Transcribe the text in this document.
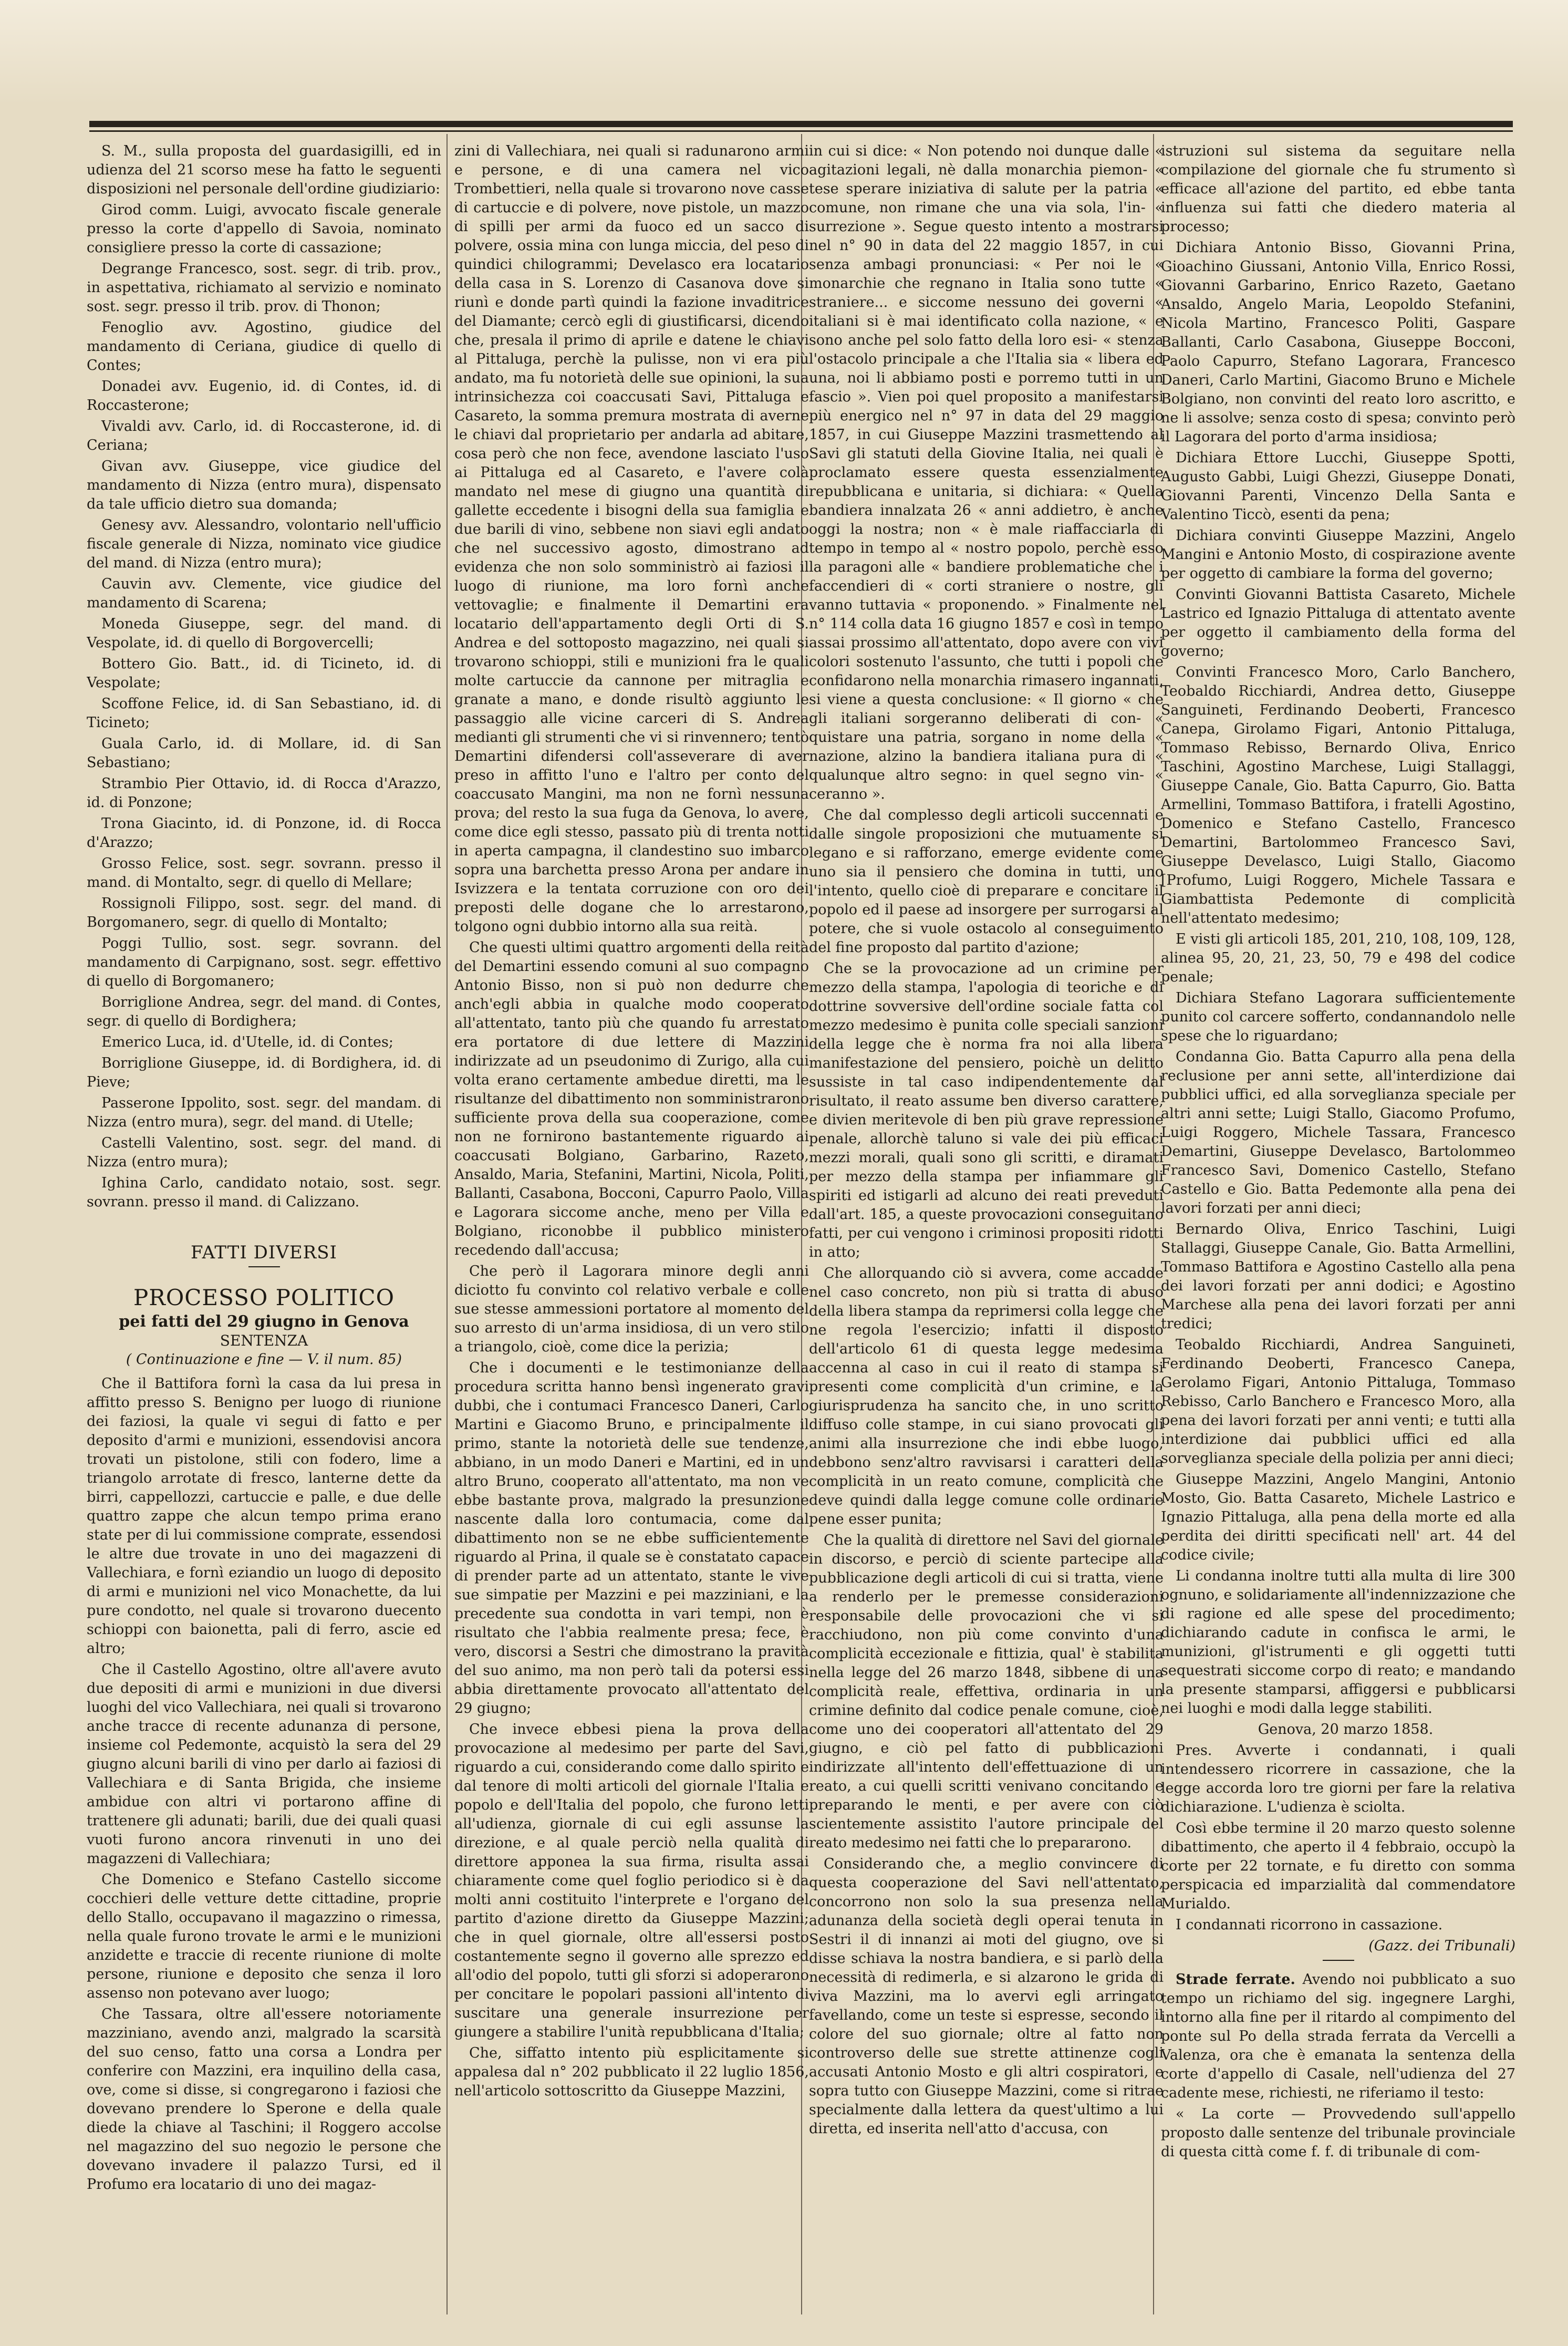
S. M., sulla proposta del guardasigilli, ed in udienza del 21 scorso mese ha fatto le seguenti disposizioni nel personale dell'ordine giudiziario:

Girod comm. Luigi, avvocato fiscale generale presso la corte d'appello di Savoia, nominato consigliere presso la corte di cassazione;

Degrange Francesco, sost. segr. di trib. prov., in aspettativa, richiamato al servizio e nominato sost. segr. presso il trib. prov. di Thonon;

Fenoglio avv. Agostino, giudice del mandamento di Ceriana, giudice di quello di Contes;

Donadei avv. Eugenio, id. di Contes, id. di Roccasterone;

Vivaldi avv. Carlo, id. di Roccasterone, id. di Ceriana;

Givan avv. Giuseppe, vice giudice del mandamento di Nizza (entro mura), dispensato da tale ufficio dietro sua domanda;

Genesy avv. Alessandro, volontario nell'ufficio fiscale generale di Nizza, nominato vice giudice del mand. di Nizza (entro mura);

Cauvin avv. Clemente, vice giudice del mandamento di Scarena;

Moneda Giuseppe, segr. del mand. di Vespolate, id. di quello di Borgovercelli;

Bottero Gio. Batt., id. di Ticineto, id. di Vespolate;

Scoffone Felice, id. di San Sebastiano, id. di Ticineto;

Guala Carlo, id. di Mollare, id. di San Sebastiano;

Strambio Pier Ottavio, id. di Rocca d'Arazzo, id. di Ponzone;

Trona Giacinto, id. di Ponzone, id. di Rocca d'Arazzo;

Grosso Felice, sost. segr. sovrann. presso il mand. di Montalto, segr. di quello di Mellare;

Rossignoli Filippo, sost. segr. del mand. di Borgomanero, segr. di quello di Montalto;

Poggi Tullio, sost. segr. sovrann. del mandamento di Carpignano, sost. segr. effettivo di quello di Borgomanero;

Borriglione Andrea, segr. del mand. di Contes, segr. di quello di Bordighera;

Emerico Luca, id. d'Utelle, id. di Contes;

Borriglione Giuseppe, id. di Bordighera, id. di Pieve;

Passerone Ippolito, sost. segr. del mandam. di Nizza (entro mura), segr. del mand. di Utelle;

Castelli Valentino, sost. segr. del mand. di Nizza (entro mura);

Ighina Carlo, candidato notaio, sost. segr. sovrann. presso il mand. di Calizzano.

FATTI DIVERSI

PROCESSO POLITICO

pei fatti del 29 giugno in Genova

SENTENZA

( Continuazione e fine — V. il num. 85)

Che il Battifora fornì la casa da lui presa in affitto presso S. Benigno per luogo di riunione dei faziosi, la quale vi segui di fatto e per deposito d'armi e munizioni, essendovisi ancora trovati un pistolone, stili con fodero, lime a triangolo arrotate di fresco, lanterne dette da birri, cappellozzi, cartuccie e palle, e due delle quattro zappe che alcun tempo prima erano state per di lui commissione comprate, essendosi le altre due trovate in uno dei magazzeni di Vallechiara, e fornì eziandio un luogo di deposito di armi e munizioni nel vico Monachette, da lui pure condotto, nel quale si trovarono duecento schioppi con baionetta, pali di ferro, ascie ed altro;

Che il Castello Agostino, oltre all'avere avuto due depositi di armi e munizioni in due diversi luoghi del vico Vallechiara, nei quali si trovarono anche tracce di recente adunanza di persone, insieme col Pedemonte, acquistò la sera del 29 giugno alcuni barili di vino per darlo ai faziosi di Vallechiara e di Santa Brigida, che insieme ambidue con altri vi portarono affine di trattenere gli adunati; barili, due dei quali quasi vuoti furono ancora rinvenuti in uno dei magazzeni di Vallechiara;

Che Domenico e Stefano Castello siccome cocchieri delle vetture dette cittadine, proprie dello Stallo, occupavano il magazzino o rimessa, nella quale furono trovate le armi e le munizioni anzidette e traccie di recente riunione di molte persone, riunione e deposito che senza il loro assenso non potevano aver luogo;

Che Tassara, oltre all'essere notoriamente mazziniano, avendo anzi, malgrado la scarsità del suo censo, fatto una corsa a Londra per conferire con Mazzini, era inquilino della casa, ove, come si disse, si congregarono i faziosi che dovevano prendere lo Sperone e della quale diede la chiave al Taschini; il Roggero accolse nel magazzino del suo negozio le persone che dovevano invadere il palazzo Tursi, ed il Profumo era locatario di uno dei magaz-

zini di Vallechiara, nei quali si radunarono armi e persone, e di una camera nel vico Trombettieri, nella quale si trovarono nove casse di cartuccie e di polvere, nove pistole, un mazzo di spilli per armi da fuoco ed un sacco di polvere, ossia mina con lunga miccia, del peso di quindici chilogrammi; Develasco era locatario della casa in S. Lorenzo di Casanova dove si riunì e donde partì quindi la fazione invaditrice del Diamante; cercò egli di giustificarsi, dicendo che, presala il primo di aprile e datene le chiavi al Pittaluga, perchè la pulisse, non vi era più andato, ma fu notorietà delle sue opinioni, la sua intrinsichezza coi coaccusati Savi, Pittaluga e Casareto, la somma premura mostrata di averne le chiavi dal proprietario per andarla ad abitare, cosa però che non fece, avendone lasciato l'uso ai Pittaluga ed al Casareto, e l'avere colà mandato nel mese di giugno una quantità di gallette eccedente i bisogni della sua famiglia e due barili di vino, sebbene non siavi egli andato che nel successivo agosto, dimostrano ad evidenza che non solo somministrò ai faziosi il luogo di riunione, ma loro fornì anche vettovaglie; e finalmente il Demartini era locatario dell'appartamento degli Orti di S. Andrea e del sottoposto magazzino, nei quali si trovarono schioppi, stili e munizioni fra le quali molte cartuccie da cannone per mitraglia e granate a mano, e donde risultò aggiunto le passaggio alle vicine carceri di S. Andrea medianti gli strumenti che vi si rinvennero; tentò Demartini difendersi coll'asseverare di aver preso in affitto l'uno e l'altro per conto del coaccusato Mangini, ma non ne fornì nessuna prova; del resto la sua fuga da Genova, lo avere, come dice egli stesso, passato più di trenta notti in aperta campagna, il clandestino suo imbarco sopra una barchetta presso Arona per andare in Isvizzera e la tentata corruzione con oro dei preposti delle dogane che lo arrestarono, tolgono ogni dubbio intorno alla sua reità.

Che questi ultimi quattro argomenti della reità del Demartini essendo comuni al suo compagno Antonio Bisso, non si può non dedurre che anch'egli abbia in qualche modo cooperato all'attentato, tanto più che quando fu arrestato era portatore di due lettere di Mazzini indirizzate ad un pseudonimo di Zurigo, alla cui volta erano certamente ambedue diretti, ma le risultanze del dibattimento non somministrarono sufficiente prova della sua cooperazione, come non ne fornirono bastantemente riguardo ai coaccusati Bolgiano, Garbarino, Razeto, Ansaldo, Maria, Stefanini, Martini, Nicola, Politi, Ballanti, Casabona, Bocconi, Capurro Paolo, Villa e Lagorara siccome anche, meno per Villa e Bolgiano, riconobbe il pubblico ministero recedendo dall'accusa;

Che però il Lagorara minore degli anni diciotto fu convinto col relativo verbale e colle sue stesse ammessioni portatore al momento del suo arresto di un'arma insidiosa, di un vero stilo a triangolo, cioè, come dice la perizia;

Che i documenti e le testimonianze della procedura scritta hanno bensì ingenerato gravi dubbi, che i contumaci Francesco Daneri, Carlo Martini e Giacomo Bruno, e principalmente il primo, stante la notorietà delle sue tendenze, abbiano, in un modo Daneri e Martini, ed in un altro Bruno, cooperato all'attentato, ma non ve ebbe bastante prova, malgrado la presunzione nascente dalla loro contumacia, come dal dibattimento non se ne ebbe sufficientemente riguardo al Prina, il quale se è constatato capace di prender parte ad un attentato, stante le vive sue simpatie per Mazzini e pei mazziniani, e la precedente sua condotta in vari tempi, non è risultato che l'abbia realmente presa; fece, è vero, discorsi a Sestri che dimostrano la pravità del suo animo, ma non però tali da potersi essi abbia direttamente provocato all'attentato del 29 giugno;

Che invece ebbesi piena la prova della provocazione al medesimo per parte del Savi, riguardo a cui, considerando come dallo spirito e dal tenore di molti articoli del giornale l'Italia e popolo e dell'Italia del popolo, che furono letti all'udienza, giornale di cui egli assunse la direzione, e al quale perciò nella qualità di direttore apponea la sua firma, risulta assai chiaramente come quel foglio periodico si è da molti anni costituito l'interprete e l'organo del partito d'azione diretto da Giuseppe Mazzini; che in quel giornale, oltre all'essersi posto costantemente segno il governo alle sprezzo ed all'odio del popolo, tutti gli sforzi si adoperarono per concitare le popolari passioni all'intento di suscitare una generale insurrezione per giungere a stabilire l'unità repubblicana d'Italia;

Che, siffatto intento più esplicitamente si appalesa dal n° 202 pubblicato il 22 luglio 1856, nell'articolo sottoscritto da Giuseppe Mazzini,

in cui si dice: « Non potendo noi dunque dalle « agitazioni legali, nè dalla monarchia piemon- « tese sperare iniziativa di salute per la patria « comune, non rimane che una via sola, l'in- « surrezione ». Segue questo intento a mostrarsi nel n° 90 in data del 22 maggio 1857, in cui senza ambagi pronunciasi: « Per noi le « monarchie che regnano in Italia sono tutte « straniere... e siccome nessuno dei governi « italiani si è mai identificato colla nazione, « e sono anche pel solo fatto della loro esi- « stenza l'ostacolo principale a che l'Italia sia « libera ed una, noi li abbiamo posti e porremo tutti in un fascio ». Vien poi quel proposito a manifestarsi più energico nel n° 97 in data del 29 maggio 1857, in cui Giuseppe Mazzini trasmettendo al Savi gli statuti della Giovine Italia, nei quali è proclamato essere questa essenzialmente repubblicana e unitaria, si dichiara: « Quella bandiera innalzata 26 « anni addietro, è anche oggi la nostra; non « è male riaffacciarla di tempo in tempo al « nostro popolo, perchè esso la paragoni alle « bandiere problematiche che i faccendieri di « corti straniere o nostre, gli vanno tuttavia « proponendo. » Finalmente nel n° 114 colla data 16 giugno 1857 e così in tempo assai prossimo all'attentato, dopo avere con vivi colori sostenuto l'assunto, che tutti i popoli che confidarono nella monarchia rimasero ingannati, si viene a questa conclusione: « Il giorno « che gli italiani sorgeranno deliberati di con- « quistare una patria, sorgano in nome della « nazione, alzino la bandiera italiana pura di « qualunque altro segno: in quel segno vin- « ceranno ».

Che dal complesso degli articoli succennati e dalle singole proposizioni che mutuamente si legano e si rafforzano, emerge evidente come uno sia il pensiero che domina in tutti, uno l'intento, quello cioè di preparare e concitare il popolo ed il paese ad insorgere per surrogarsi al potere, che si vuole ostacolo al conseguimento del fine proposto dal partito d'azione;

Che se la provocazione ad un crimine per mezzo della stampa, l'apologia di teoriche e di dottrine sovversive dell'ordine sociale fatta col mezzo medesimo è punita colle speciali sanzioni della legge che è norma fra noi alla libera manifestazione del pensiero, poichè un delitto sussiste in tal caso indipendentemente dal risultato, il reato assume ben diverso carattere, e divien meritevole di ben più grave repressione penale, allorchè taluno si vale dei più efficaci mezzi morali, quali sono gli scritti, e diramati per mezzo della stampa per infiammare gli spiriti ed istigarli ad alcuno dei reati preveduti dall'art. 185, a queste provocazioni conseguitano fatti, per cui vengono i criminosi propositi ridotti in atto;

Che allorquando ciò si avvera, come accadde nel caso concreto, non più si tratta di abuso della libera stampa da reprimersi colla legge che ne regola l'esercizio; infatti il disposto dell'articolo 61 di questa legge medesima accenna al caso in cui il reato di stampa si presenti come complicità d'un crimine, e la giurisprudenza ha sancito che, in uno scritto diffuso colle stampe, in cui siano provocati gli animi alla insurrezione che indi ebbe luogo, debbono senz'altro ravvisarsi i caratteri della complicità in un reato comune, complicità che deve quindi dalla legge comune colle ordinarie pene esser punita;

Che la qualità di direttore nel Savi del giornale in discorso, e perciò di sciente partecipe alla pubblicazione degli articoli di cui si tratta, viene a renderlo per le premesse considerazioni responsabile delle provocazioni che vi si racchiudono, non più come convinto d'una complicità eccezionale e fittizia, qual' è stabilita nella legge del 26 marzo 1848, sibbene di una complicità reale, effettiva, ordinaria in un crimine definito dal codice penale comune, cioè, come uno dei cooperatori all'attentato del 29 giugno, e ciò pel fatto di pubblicazioni indirizzate all'intento dell'effettuazione di un reato, a cui quelli scritti venivano concitando e preparando le menti, e per avere con ciò scientemente assistito l'autore principale del reato medesimo nei fatti che lo prepararono.

Considerando che, a meglio convincere di questa cooperazione del Savi nell'attentato, concorrono non solo la sua presenza nella adunanza della società degli operai tenuta in Sestri il di innanzi ai moti del giugno, ove si disse schiava la nostra bandiera, e si parlò della necessità di redimerla, e si alzarono le grida di viva Mazzini, ma lo avervi egli arringato favellando, come un teste si espresse, secondo il colore del suo giornale; oltre al fatto non controverso delle sue strette attinenze cogli accusati Antonio Mosto e gli altri cospiratori, e sopra tutto con Giuseppe Mazzini, come si ritrae specialmente dalla lettera da quest'ultimo a lui diretta, ed inserita nell'atto d'accusa, con

istruzioni sul sistema da seguitare nella compilazione del giornale che fu strumento sì efficace all'azione del partito, ed ebbe tanta influenza sui fatti che diedero materia al processo;

Dichiara Antonio Bisso, Giovanni Prina, Gioachino Giussani, Antonio Villa, Enrico Rossi, Giovanni Garbarino, Enrico Razeto, Gaetano Ansaldo, Angelo Maria, Leopoldo Stefanini, Nicola Martino, Francesco Politi, Gaspare Ballanti, Carlo Casabona, Giuseppe Bocconi, Paolo Capurro, Stefano Lagorara, Francesco Daneri, Carlo Martini, Giacomo Bruno e Michele Bolgiano, non convinti del reato loro ascritto, e ne li assolve; senza costo di spesa; convinto però il Lagorara del porto d'arma insidiosa;

Dichiara Ettore Lucchi, Giuseppe Spotti, Augusto Gabbi, Luigi Ghezzi, Giuseppe Donati, Giovanni Parenti, Vincenzo Della Santa e Valentino Ticcò, esenti da pena;

Dichiara convinti Giuseppe Mazzini, Angelo Mangini e Antonio Mosto, di cospirazione avente per oggetto di cambiare la forma del governo;

Convinti Giovanni Battista Casareto, Michele Lastrico ed Ignazio Pittaluga di attentato avente per oggetto il cambiamento della forma del governo;

Convinti Francesco Moro, Carlo Banchero, Teobaldo Ricchiardi, Andrea detto, Giuseppe Sanguineti, Ferdinando Deoberti, Francesco Canepa, Girolamo Figari, Antonio Pittaluga, Tommaso Rebisso, Bernardo Oliva, Enrico Taschini, Agostino Marchese, Luigi Stallaggi, Giuseppe Canale, Gio. Batta Capurro, Gio. Batta Armellini, Tommaso Battifora, i fratelli Agostino, Domenico e Stefano Castello, Francesco Demartini, Bartolommeo Francesco Savi, Giuseppe Develasco, Luigi Stallo, Giacomo [Profumo, Luigi Roggero, Michele Tassara e Giambattista Pedemonte di complicità nell'attentato medesimo;

E visti gli articoli 185, 201, 210, 108, 109, 128, alinea 95, 20, 21, 23, 50, 79 e 498 del codice penale;

Dichiara Stefano Lagorara sufficientemente punito col carcere sofferto, condannandolo nelle spese che lo riguardano;

Condanna Gio. Batta Capurro alla pena della reclusione per anni sette, all'interdizione dai pubblici uffici, ed alla sorveglianza speciale per altri anni sette; Luigi Stallo, Giacomo Profumo, Luigi Roggero, Michele Tassara, Francesco Demartini, Giuseppe Develasco, Bartolommeo Francesco Savi, Domenico Castello, Stefano Castello e Gio. Batta Pedemonte alla pena dei lavori forzati per anni dieci;

Bernardo Oliva, Enrico Taschini, Luigi Stallaggi, Giuseppe Canale, Gio. Batta Armellini, Tommaso Battifora e Agostino Castello alla pena dei lavori forzati per anni dodici; e Agostino Marchese alla pena dei lavori forzati per anni tredici;

Teobaldo Ricchiardi, Andrea Sanguineti, Ferdinando Deoberti, Francesco Canepa, Gerolamo Figari, Antonio Pittaluga, Tommaso Rebisso, Carlo Banchero e Francesco Moro, alla pena dei lavori forzati per anni venti; e tutti alla interdizione dai pubblici uffici ed alla sorveglianza speciale della polizia per anni dieci;

Giuseppe Mazzini, Angelo Mangini, Antonio Mosto, Gio. Batta Casareto, Michele Lastrico e Ignazio Pittaluga, alla pena della morte ed alla perdita dei diritti specificati nell' art. 44 del codice civile;

Li condanna inoltre tutti alla multa di lire 300 ognuno, e solidariamente all'indennizzazione che di ragione ed alle spese del procedimento; dichiarando cadute in confisca le armi, le munizioni, gl'istrumenti e gli oggetti tutti sequestrati siccome corpo di reato; e mandando la presente stamparsi, affiggersi e pubblicarsi nei luoghi e modi dalla legge stabiliti.

Genova, 20 marzo 1858.

Pres. Avverte i condannati, i quali intendessero ricorrere in cassazione, che la legge accorda loro tre giorni per fare la relativa dichiarazione. L'udienza è sciolta.

Così ebbe termine il 20 marzo questo solenne dibattimento, che aperto il 4 febbraio, occupò la corte per 22 tornate, e fu diretto con somma perspicacia ed imparzialità dal commendatore Murialdo.

I condannati ricorrono in cassazione.

(Gazz. dei Tribunali)

Strade ferrate. Avendo noi pubblicato a suo tempo un richiamo del sig. ingegnere Larghi, intorno alla fine per il ritardo al compimento del ponte sul Po della strada ferrata da Vercelli a Valenza, ora che è emanata la sentenza della corte d'appello di Casale, nell'udienza del 27 cadente mese, richiesti, ne riferiamo il testo:

« La corte — Provvedendo sull'appello proposto dalle sentenze del tribunale provinciale di questa città come f. f. di tribunale di com-
